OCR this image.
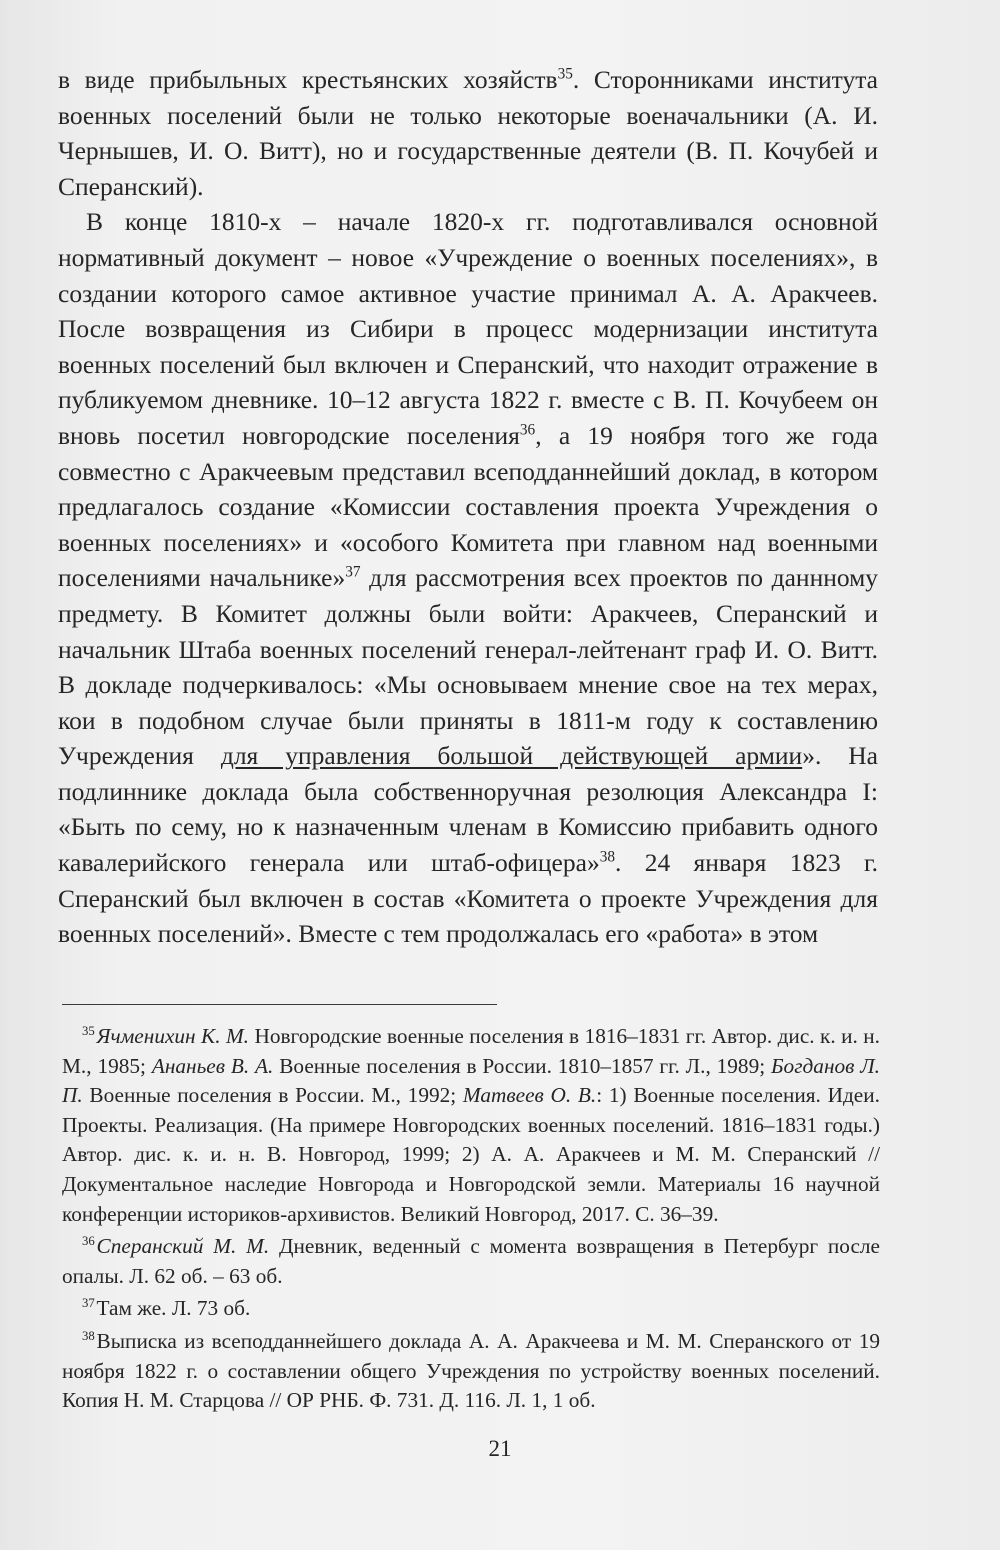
в виде прибыльных крестьянских хозяйств$^{35}$. Сторонниками института военных поселений были не только некоторые военачальники (А. И. Чернышев, И. О. Витт), но и государственные деятели (В. П. Кочубей и Сперанский).

В конце 1810-х – начале 1820-х гг. подготавливался основной нормативный документ – новое «Учреждение о военных поселениях», в создании которого самое активное участие принимал А. А. Аракчеев. После возвращения из Сибири в процесс модернизации института военных поселений был включен и Сперанский, что находит отражение в публикуемом дневнике. 10–12 августа 1822 г. вместе с В. П. Кочубеем он вновь посетил новгородские поселения$^{36}$, а 19 ноября того же года совместно с Аракчеевым представил всеподданнейший доклад, в котором предлагалось создание «Комиссии составления проекта Учреждения о военных поселениях» и «особого Комитета при главном над военными поселениями начальнике»$^{37}$ для рассмотрения всех проектов по даннному предмету. В Комитет должны были войти: Аракчеев, Сперанский и начальник Штаба военных поселений генерал-лейтенант граф И. О. Витт. В докладе подчеркивалось: «Мы основываем мнение свое на тех мерах, кои в подобном случае были приняты в 1811-м году к составлению Учреждения для управления большой действующей армии». На подлиннике доклада была собственноручная резолюция Александра I: «Быть по сему, но к назначенным членам в Комиссию прибавить одного кавалерийского генерала или штаб-офицера»$^{38}$. 24 января 1823 г. Сперанский был включен в состав «Комитета о проекте Учреждения для военных поселений». Вместе с тем продолжалась его «работа» в этом

$^{35}$ Ячменихин К. М. Новгородские военные поселения в 1816–1831 гг. Автор. дис. к. и. н. М., 1985; Ананьев В. А. Военные поселения в России. 1810–1857 гг. Л., 1989; Богданов Л. П. Военные поселения в России. М., 1992; Матвеев О. В.: 1) Военные поселения. Идеи. Проекты. Реализация. (На примере Новгородских военных поселений. 1816–1831 годы.) Автор. дис. к. и. н. В. Новгород, 1999; 2) А. А. Аракчеев и М. М. Сперанский // Документальное наследие Новгорода и Новгородской земли. Материалы 16 научной конференции историков-архивистов. Великий Новгород, 2017. С. 36–39.

$^{36}$ Сперанский М. М. Дневник, веденный с момента возвращения в Петербург после опалы. Л. 62 об. – 63 об.

$^{37}$ Там же. Л. 73 об.

$^{38}$ Выписка из всеподданнейшего доклада А. А. Аракчеева и М. М. Сперанского от 19 ноября 1822 г. о составлении общего Учреждения по устройству военных поселений. Копия Н. М. Старцова // ОР РНБ. Ф. 731. Д. 116. Л. 1, 1 об.

21
